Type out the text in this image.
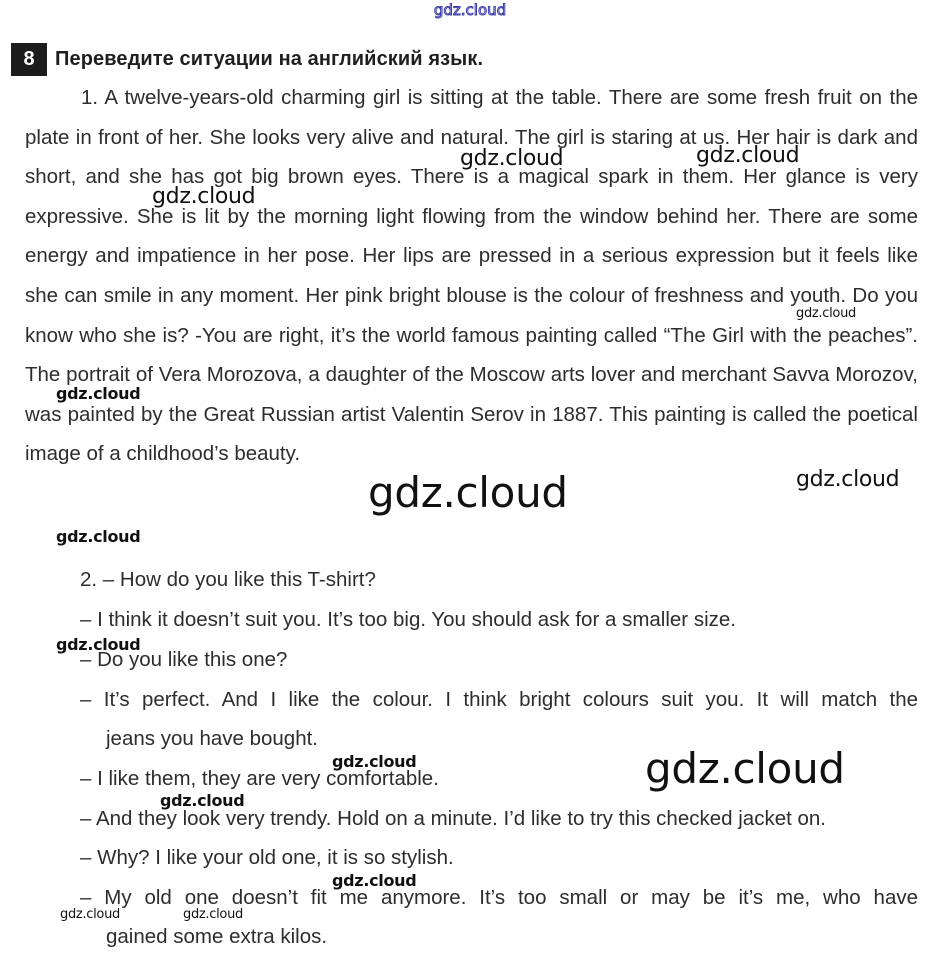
gdz.cloud
8	Переведите ситуации на английский язык.

1. A twelve-years-old charming girl is sitting at the table. There are some fresh fruit on the plate in front of her. She looks very alive and natural. The girl is staring at us. Her hair is dark and short, and she has got big brown eyes. There is a magical spark in them. Her glance is very expressive. She is lit by the morning light flowing from the window behind her. There are some energy and impatience in her pose. Her lips are pressed in a serious expression but it feels like she can smile in any moment. Her pink bright blouse is the colour of freshness and youth. Do you know who she is? -You are right, it’s the world famous painting called “The Girl with the peaches”. The portrait of Vera Morozova, a daughter of the Moscow arts lover and merchant Savva Morozov, was painted by the Great Russian artist Valentin Serov in 1887. This painting is called the poetical image of a childhood’s beauty.

2. – How do you like this T-shirt?

– I think it doesn’t suit you. It’s too big. You should ask for a smaller size.

– Do you like this one?

– It’s perfect. And I like the colour. I think bright colours suit you. It will match the

jeans you have bought.

– I like them, they are very comfortable.

– And they look very trendy. Hold on a minute. I’d like to try this checked jacket on.

– Why? I like your old one, it is so stylish.

– My old one doesn’t fit me anymore. It’s too small or may be it’s me, who have

gained some extra kilos.

gdz.cloud	gdz.cloud
gdz.cloud
gdz.cloud
gdz.cloud
gdz.cloud	gdz.cloud
gdz.cloud
gdz.cloud
gdz.cloud	gdz.cloud
gdz.cloud
gdz.cloud
gdz.cloud	gdz.cloud
